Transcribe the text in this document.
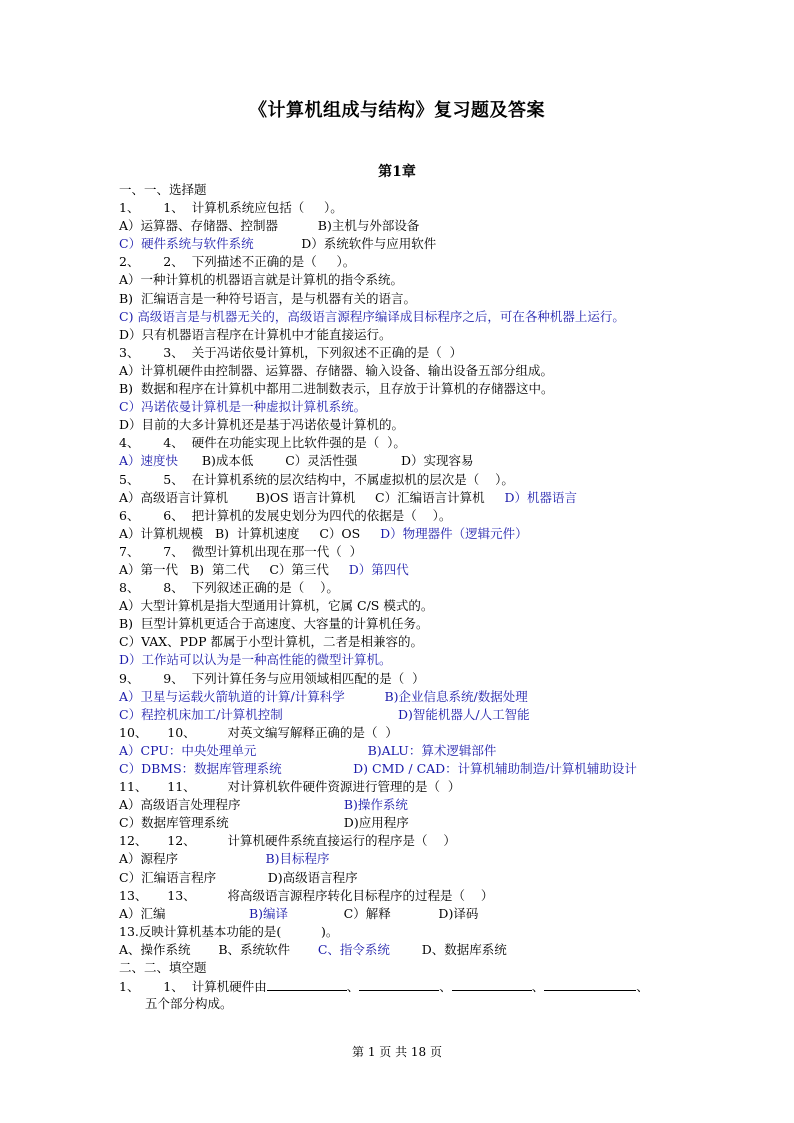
《计算机组成与结构》复习题及答案
第1章
一、一、选择题
1、      1、  计算机系统应包括（     ）。
A）运算器、存储器、控制器          B)主机与外部设备
C）硬件系统与软件系统            D）系统软件与应用软件
2、      2、  下列描述不正确的是（     ）。
A）一种计算机的机器语言就是计算机的指令系统。
B)  汇编语言是一种符号语言，是与机器有关的语言。
C) 高级语言是与机器无关的，高级语言源程序编译成目标程序之后，可在各种机器上运行。
D）只有机器语言程序在计算机中才能直接运行。
3、      3、  关于冯诺依曼计算机，下列叙述不正确的是（  ）
A）计算机硬件由控制器、运算器、存储器、输入设备、输出设备五部分组成。
B)  数据和程序在计算机中都用二进制数表示，且存放于计算机的存储器这中。
C）冯诺依曼计算机是一种虚拟计算机系统。
D）目前的大多计算机还是基于冯诺依曼计算机的。
4、      4、  硬件在功能实现上比软件强的是（  ）。
A）速度快      B)成本低        C）灵活性强           D）实现容易
5、      5、  在计算机系统的层次结构中，不属虚拟机的层次是（    ）。
A）高级语言计算机       B)OS 语言计算机     C）汇编语言计算机     D）机器语言
6、      6、  把计算机的发展史划分为四代的依据是（    ）。
A）计算机规模   B)  计算机速度     C）OS     D）物理器件（逻辑元件）
7、      7、  微型计算机出现在那一代（  ）
A）第一代   B)  第二代     C）第三代     D）第四代
8、      8、  下列叙述正确的是（    ）。
A）大型计算机是指大型通用计算机，它属 C/S 模式的。
B)  巨型计算机更适合于高速度、大容量的计算机任务。
C）VAX、PDP 都属于小型计算机，二者是相兼容的。
D）工作站可以认为是一种高性能的微型计算机。
9、      9、  下列计算任务与应用领域相匹配的是（  ）
A）卫星与运载火箭轨道的计算/计算科学          B)企业信息系统/数据处理
C）程控机床加工/计算机控制                             D)智能机器人/人工智能
10、     10、        对英文编写解释正确的是（  ）
A）CPU：中央处理单元                            B)ALU：算术逻辑部件
C）DBMS：数据库管理系统                  D) CMD / CAD：计算机辅助制造/计算机辅助设计
11、     11、        对计算机软件硬件资源进行管理的是（  ）
A）高级语言处理程序                          B)操作系统
C）数据库管理系统                             D)应用程序
12、     12、        计算机硬件系统直接运行的程序是（    ）
A）源程序                      B)目标程序
C）汇编语言程序             D)高级语言程序
13、     13、        将高级语言源程序转化目标程序的过程是（    ）
A）汇编                     B)编译              C）解释            D)译码
13.反映计算机基本功能的是(          )。
A、操作系统       B、系统软件       C、指令系统        D、数据库系统
二、二、填空题
1、      1、  计算机硬件由	、	、	、	、
五个部分构成。
第 1 页 共 18 页
